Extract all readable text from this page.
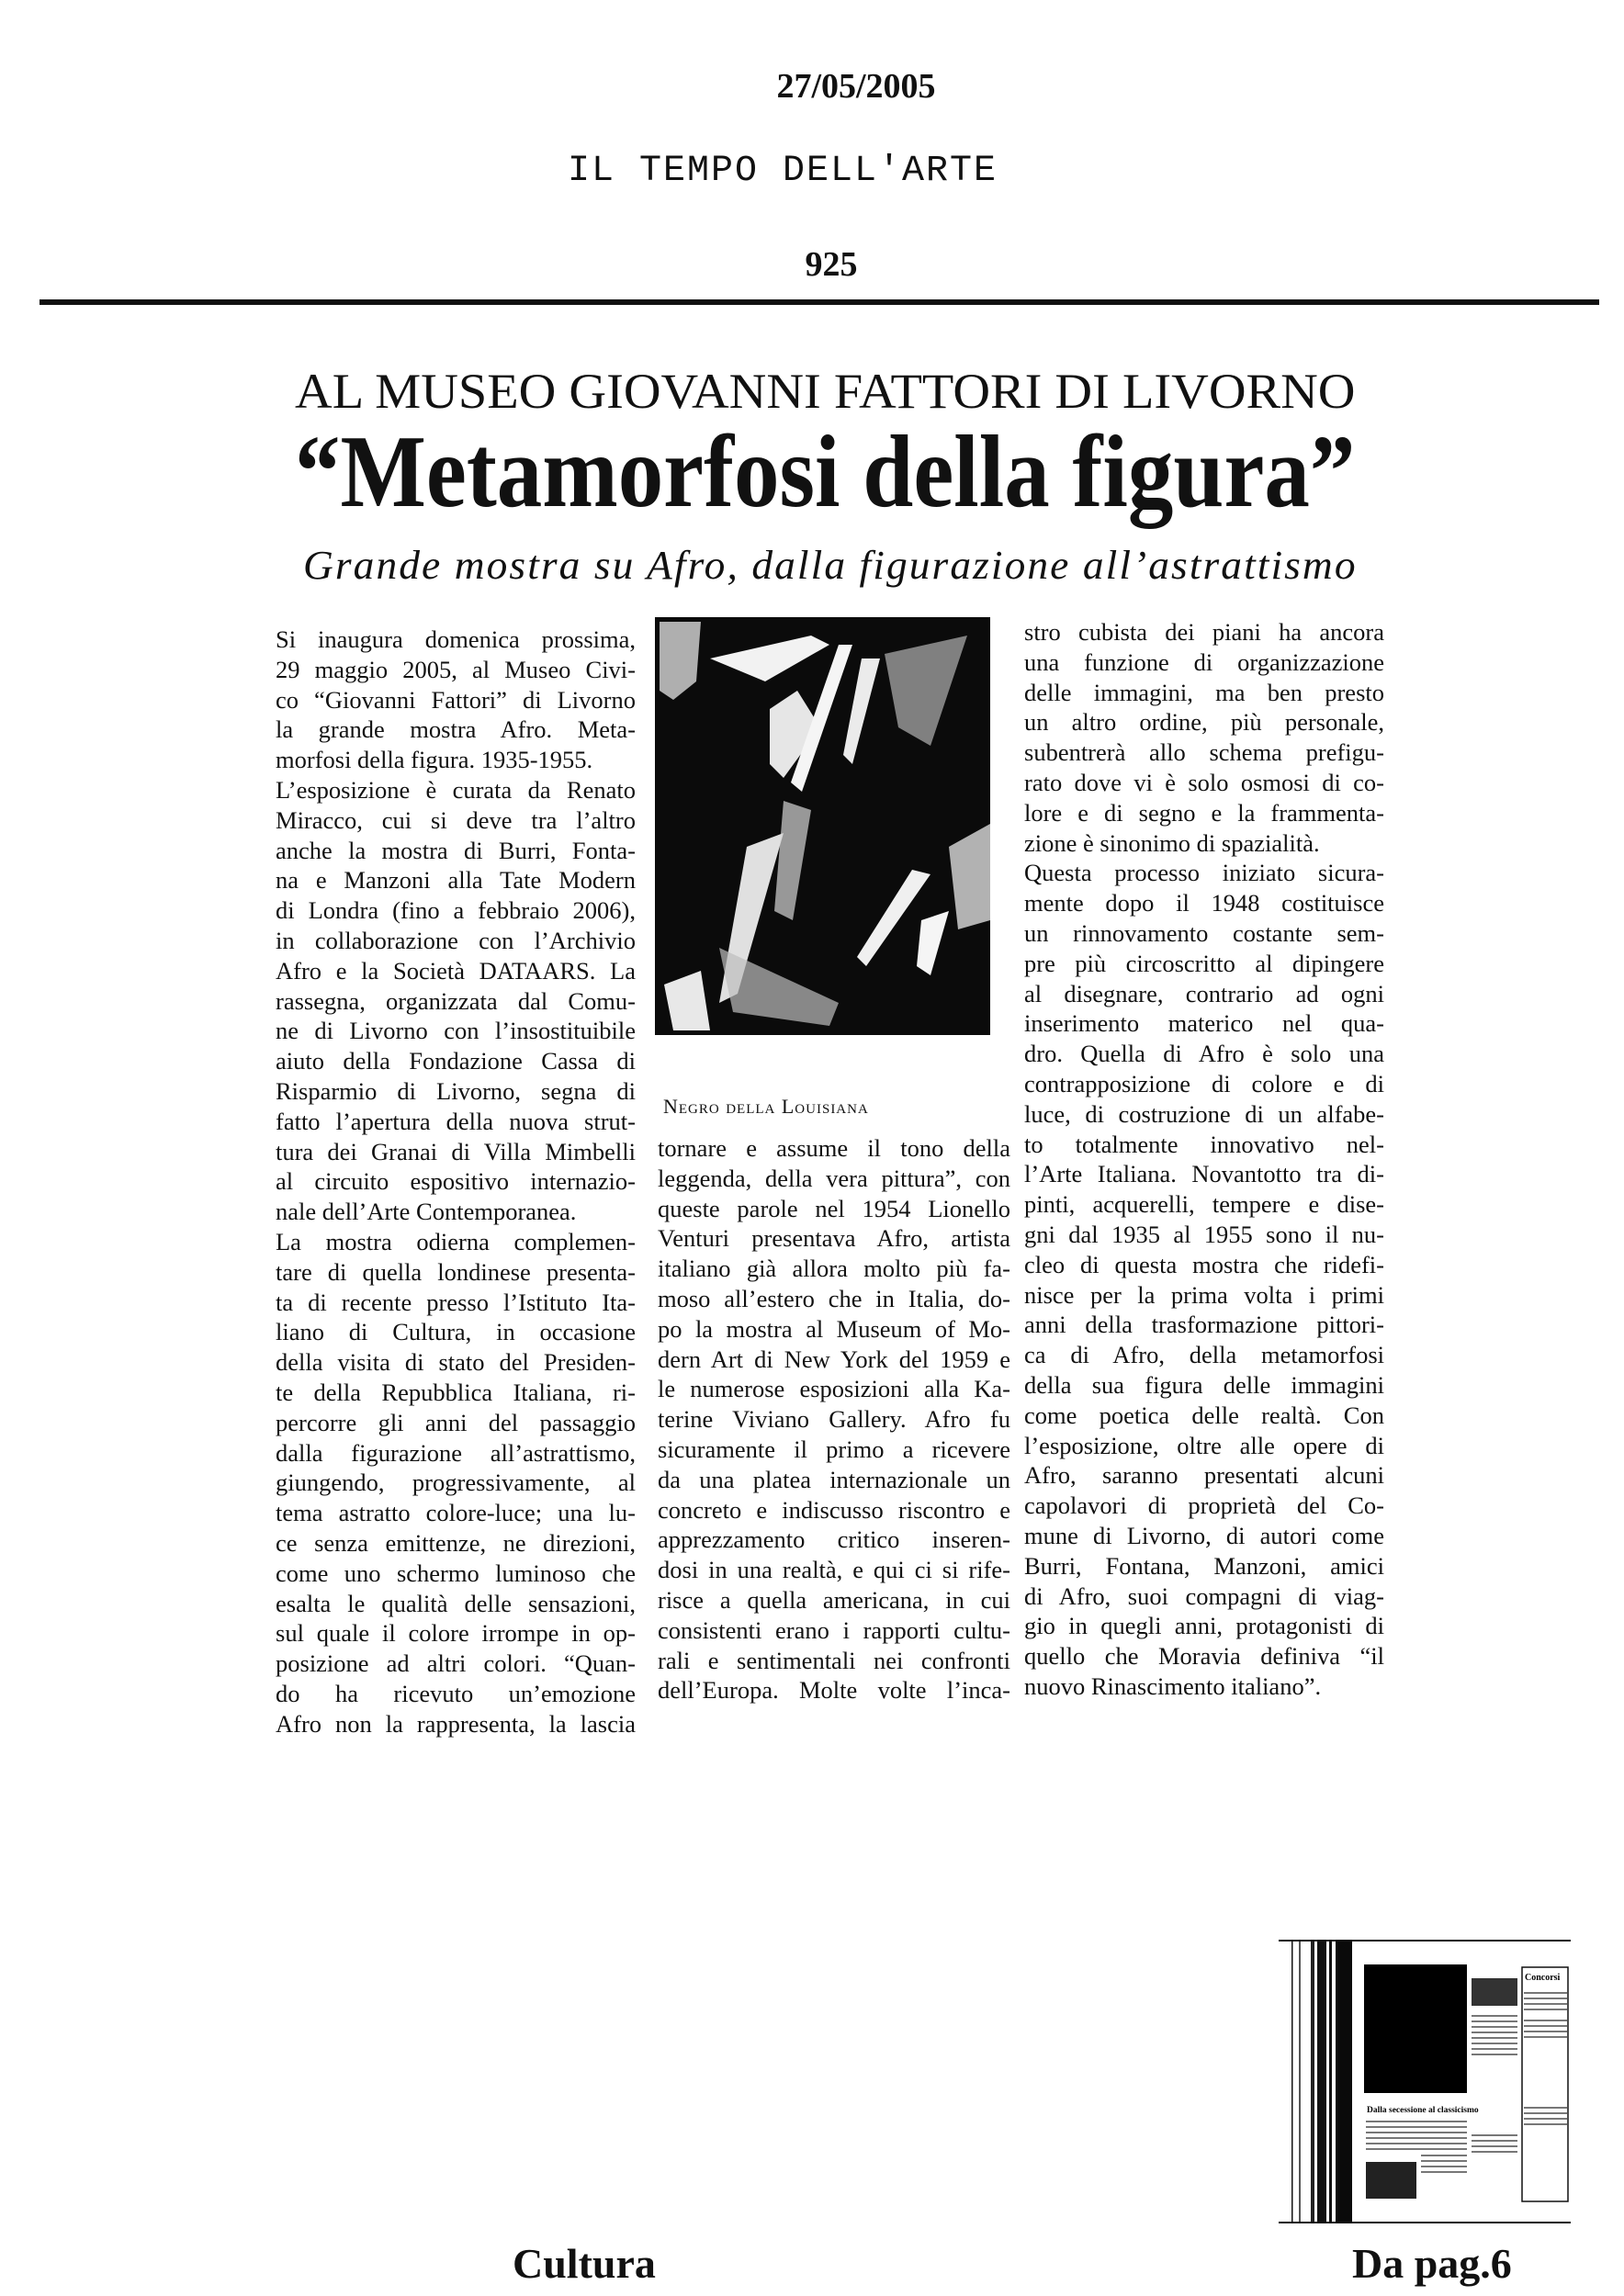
27/05/2005
IL TEMPO DELL'ARTE
925
AL MUSEO GIOVANNI FATTORI DI LIVORNO
“Metamorfosi della figura”
Grande mostra su Afro, dalla figurazione all’astrattismo
Si inaugura domenica prossima,
29 maggio 2005, al Museo Civi-
co “Giovanni Fattori” di Livorno
la grande mostra Afro. Meta-
morfosi della figura. 1935-1955.
L’esposizione è curata da Renato
Miracco, cui si deve tra l’altro
anche la mostra di Burri, Fonta-
na e Manzoni alla Tate Modern
di Londra (fino a febbraio 2006),
in collaborazione con l’Archivio
Afro e la Società DATAARS. La
rassegna, organizzata dal Comu-
ne di Livorno con l’insostituibile
aiuto della Fondazione Cassa di
Risparmio di Livorno, segna di
fatto l’apertura della nuova strut-
tura dei Granai di Villa Mimbelli
al circuito espositivo internazio-
nale dell’Arte Contemporanea.
La mostra odierna complemen-
tare di quella londinese presenta-
ta di recente presso l’Istituto Ita-
liano di Cultura, in occasione
della visita di stato del Presiden-
te della Repubblica Italiana, ri-
percorre gli anni del passaggio
dalla figurazione all’astrattismo,
giungendo, progressivamente, al
tema astratto colore-luce; una lu-
ce senza emittenze, ne direzioni,
come uno schermo luminoso che
esalta le qualità delle sensazioni,
sul quale il colore irrompe in op-
posizione ad altri colori. “Quan-
do ha ricevuto un’emozione
Afro non la rappresenta, la lascia
Negro della Louisiana
tornare e assume il tono della
leggenda, della vera pittura”, con
queste parole nel 1954 Lionello
Venturi presentava Afro, artista
italiano già allora molto più fa-
moso all’estero che in Italia, do-
po la mostra al Museum of Mo-
dern Art di New York del 1959 e
le numerose esposizioni alla Ka-
terine Viviano Gallery. Afro fu
sicuramente il primo a ricevere
da una platea internazionale un
concreto e indiscusso riscontro e
apprezzamento critico inseren-
dosi in una realtà, e qui ci si rife-
risce a quella americana, in cui
consistenti erano i rapporti cultu-
rali e sentimentali nei confronti
dell’Europa. Molte volte l’inca-
stro cubista dei piani ha ancora
una funzione di organizzazione
delle immagini, ma ben presto
un altro ordine, più personale,
subentrerà allo schema prefigu-
rato dove vi è solo osmosi di co-
lore e di segno e la frammenta-
zione è sinonimo di spazialità.
Questa processo iniziato sicura-
mente dopo il 1948 costituisce
un rinnovamento costante sem-
pre più circoscritto al dipingere
al disegnare, contrario ad ogni
inserimento materico nel qua-
dro. Quella di Afro è solo una
contrapposizione di colore e di
luce, di costruzione di un alfabe-
to totalmente innovativo nel-
l’Arte Italiana. Novantotto tra di-
pinti, acquerelli, tempere e dise-
gni dal 1935 al 1955 sono il nu-
cleo di questa mostra che ridefi-
nisce per la prima volta i primi
anni della trasformazione pittori-
ca di Afro, della metamorfosi
della sua figura delle immagini
come poetica delle realtà. Con
l’esposizione, oltre alle opere di
Afro, saranno presentati alcuni
capolavori di proprietà del Co-
mune di Livorno, di autori come
Burri, Fontana, Manzoni, amici
di Afro, suoi compagni di viag-
gio in quegli anni, protagonisti di
quello che Moravia definiva “il
nuovo Rinascimento italiano”.
Dalla secessione al classicismo
Concorsi
Cultura	Da pag.6
